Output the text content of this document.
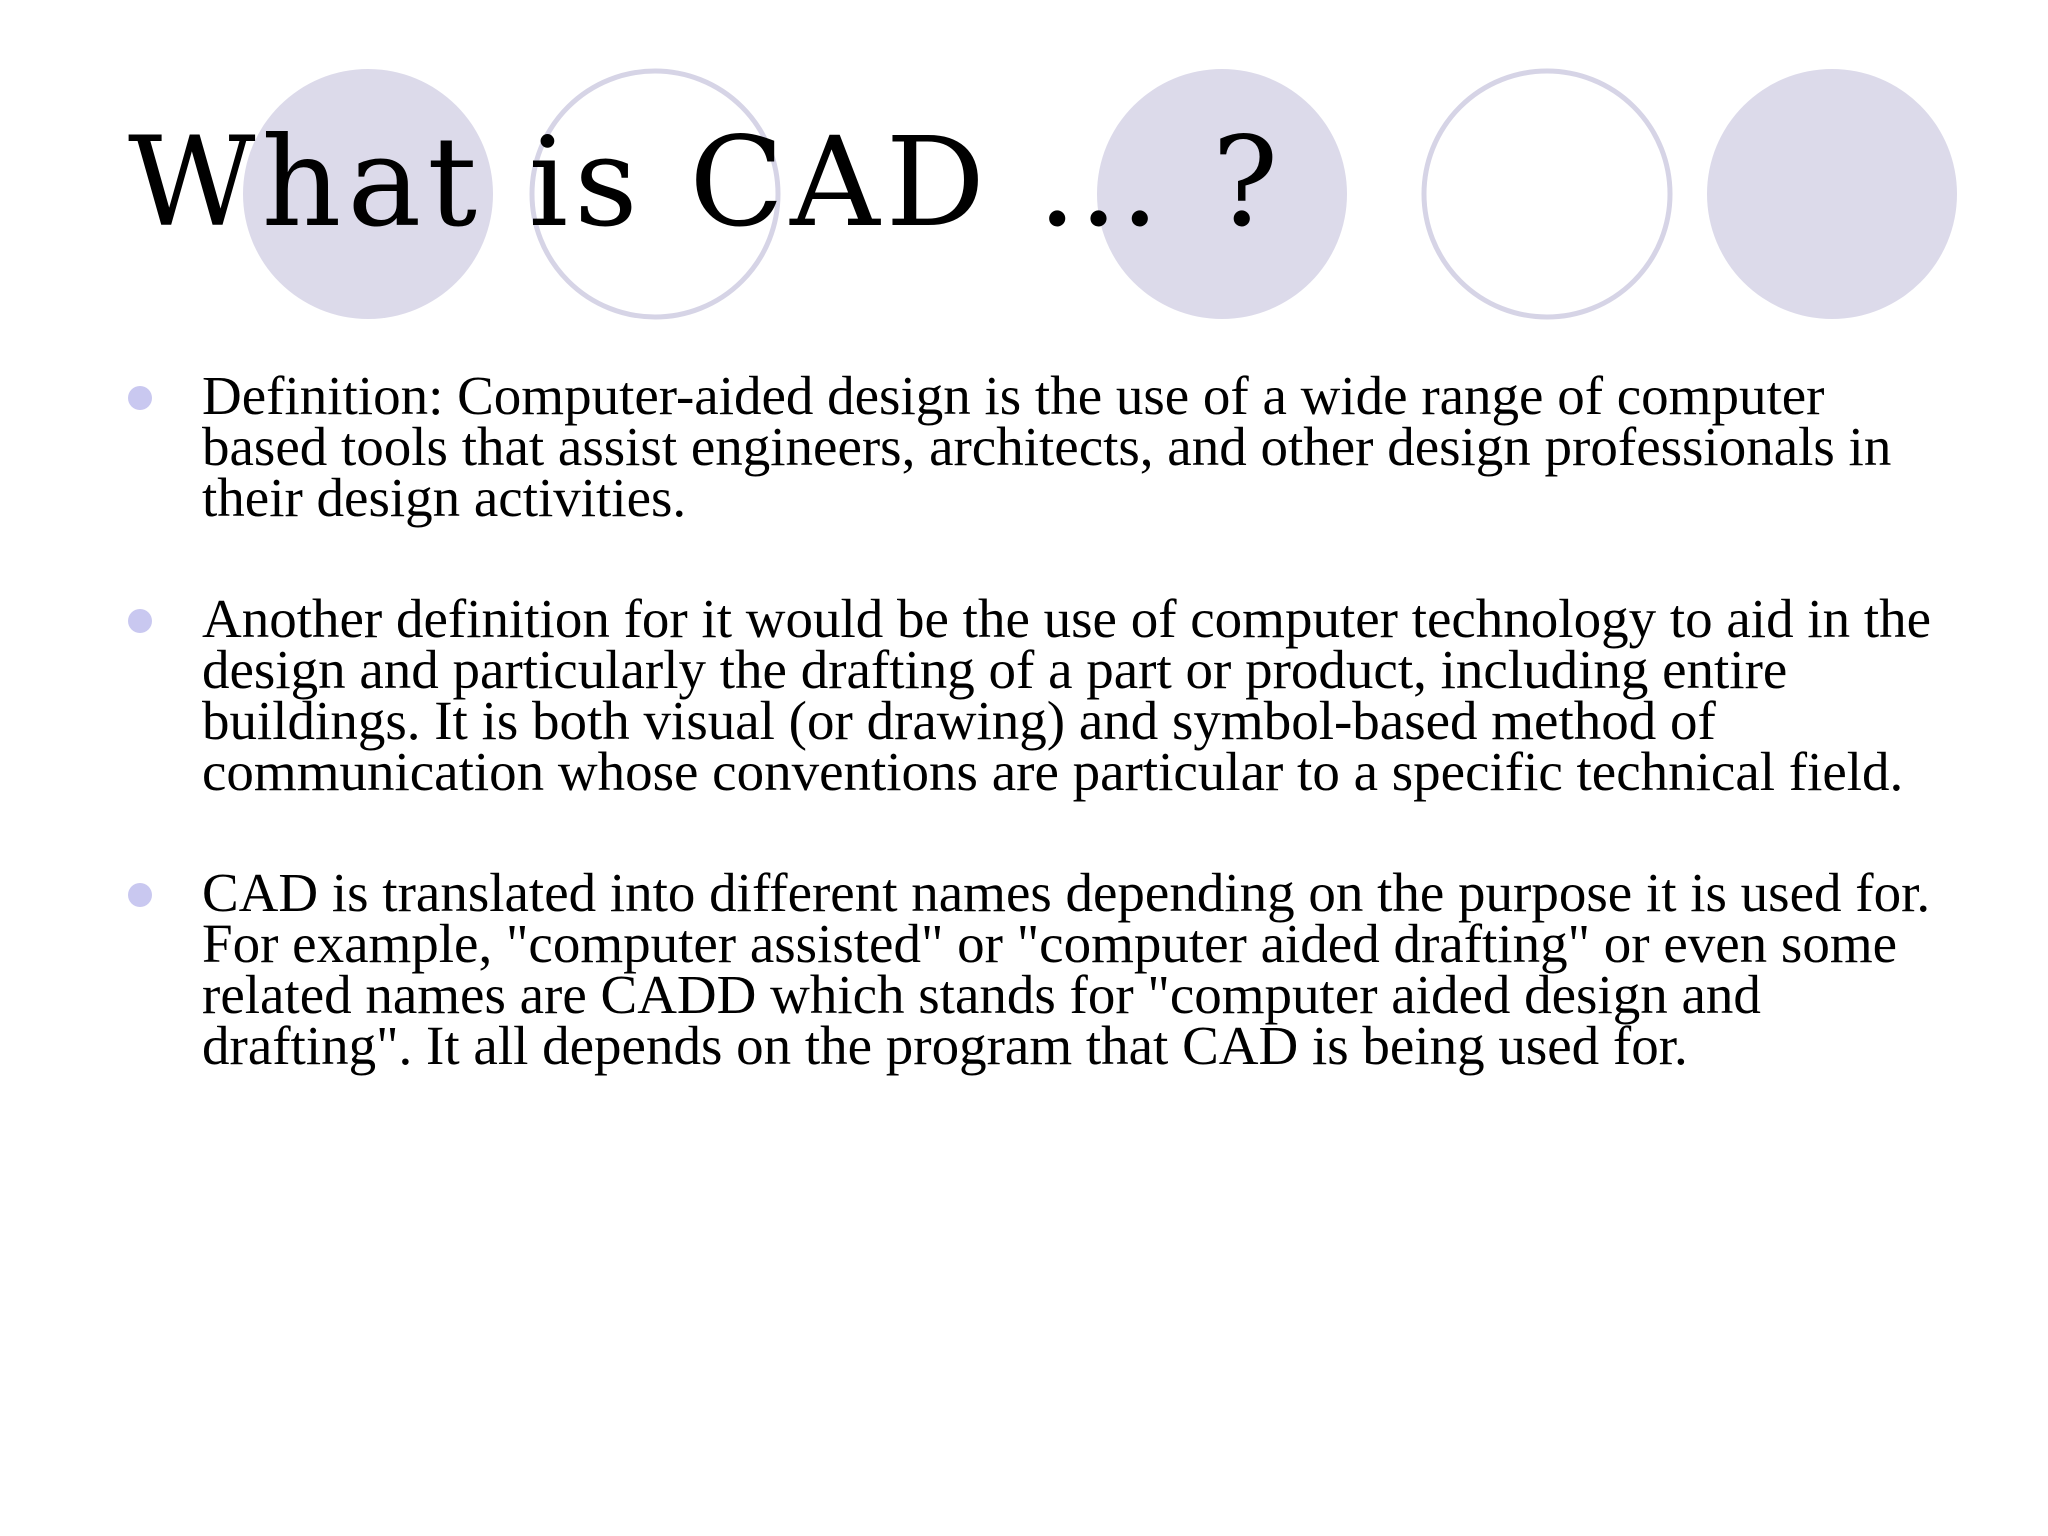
What is CAD … ?
Definition: Computer-aided design is the use of a wide range of computer based tools that assist engineers, architects, and other design professionals in their design activities.
Another definition for it would be the use of computer technology to aid in the design and particularly the drafting of a part or product, including entire buildings. It is both visual (or drawing) and symbol-based method of communication whose conventions are particular to a specific technical field.
CAD is translated into different names depending on the purpose it is used for. For example, "computer assisted" or "computer aided drafting" or even some related names are CADD which stands for "computer aided design and drafting". It all depends on the program that CAD is being used for.
